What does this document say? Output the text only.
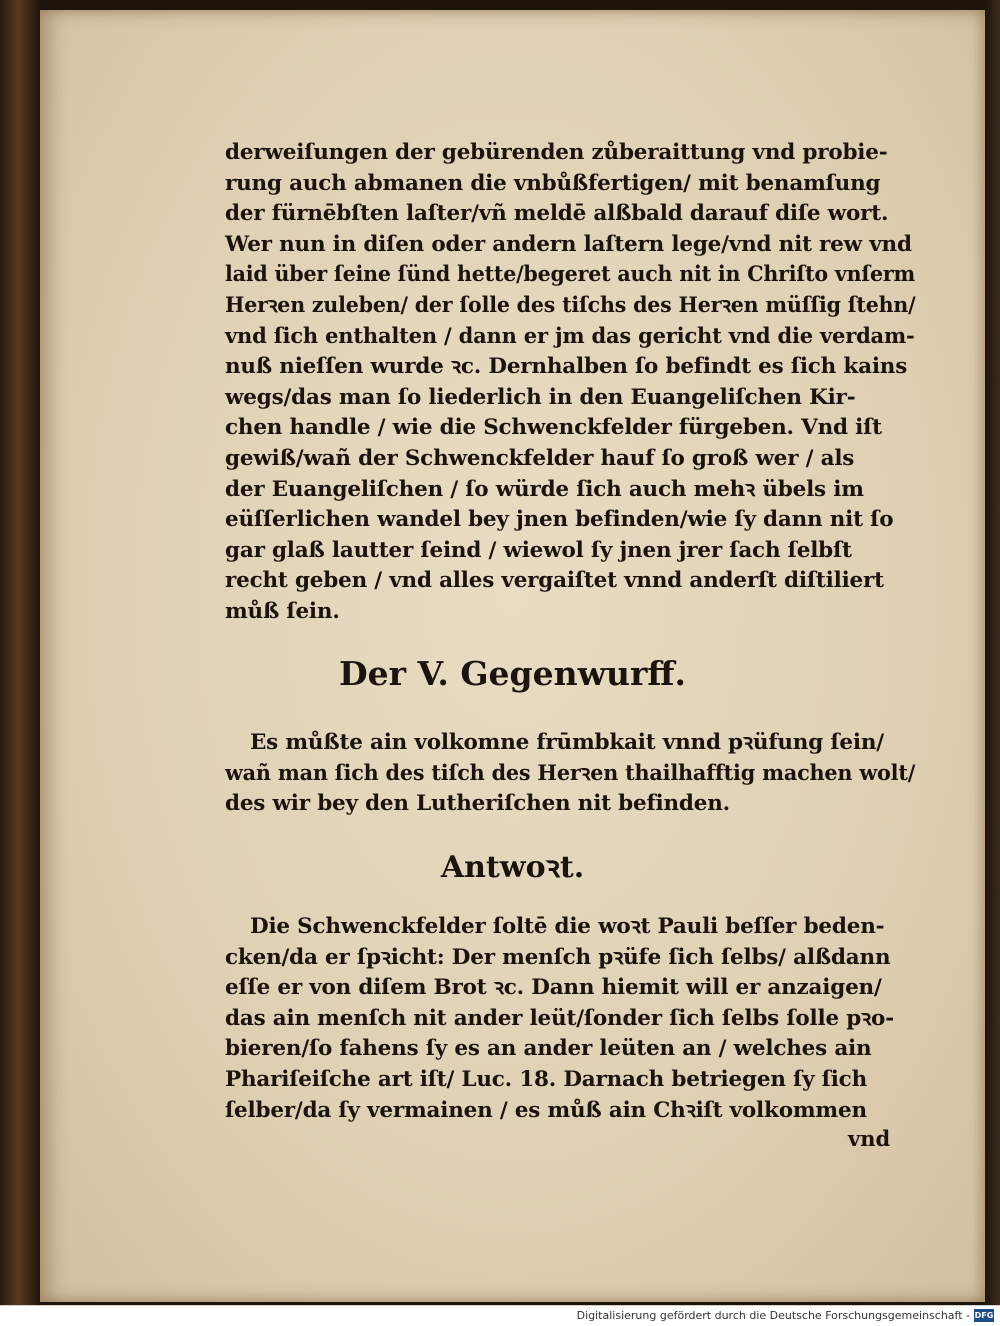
derweiſungen der gebürenden zůberaittung vnd probie-
rung auch abmanen die vnbůßfertigen/ mit benamſung
der fürnēbſten laſter/vñ meldē alßbald darauf diſe wort.
Wer nun in diſen oder andern laſtern lege/vnd nit rew vnd
laid über ſeine ſünd hette/begeret auch nit in Chriſto vnſerm
Herꝛen zuleben/ der ſolle des tiſchs des Herꝛen müſſig ſtehn/
vnd ſich enthalten / dann er jm das gericht vnd die verdam-
nuß nieſſen wurde ꝛc. Dernhalben ſo befindt es ſich kains
wegs/das man ſo liederlich in den Euangeliſchen Kir-
chen handle / wie die Schwenckfelder fürgeben. Vnd iſt
gewiß/wañ der Schwenckfelder hauf ſo groß wer / als
der Euangeliſchen / ſo würde ſich auch mehꝛ übels im
eüſſerlichen wandel bey jnen befinden/wie ſy dann nit ſo
gar glaß lautter ſeind / wiewol ſy jnen jrer ſach ſelbſt
recht geben / vnd alles vergaiſtet vnnd anderſt diſtiliert
můß ſein.
Der V. Gegenwurff.
Es můßte ain volkomne frūmbkait vnnd pꝛüfung ſein/
wañ man ſich des tiſch des Herꝛen thailhafftig machen wolt/
des wir bey den Lutheriſchen nit befinden.
Antwoꝛt.
Die Schwenckfelder ſoltē die woꝛt Pauli beſſer beden-
cken/da er ſpꝛicht: Der menſch pꝛüfe ſich ſelbs/ alßdann
eſſe er von diſem Brot ꝛc. Dann hiemit will er anzaigen/
das ain menſch nit ander leüt/ſonder ſich ſelbs ſolle pꝛo-
bieren/ſo fahens ſy es an ander leüten an / welches ain
Phariſeiſche art iſt/ Luc. 18. Darnach betriegen ſy ſich
ſelber/da ſy vermainen / es můß ain Chꝛiſt volkommen
vnd
Digitalisierung gefördert durch die Deutsche Forschungsgemeinschaft - DFG
